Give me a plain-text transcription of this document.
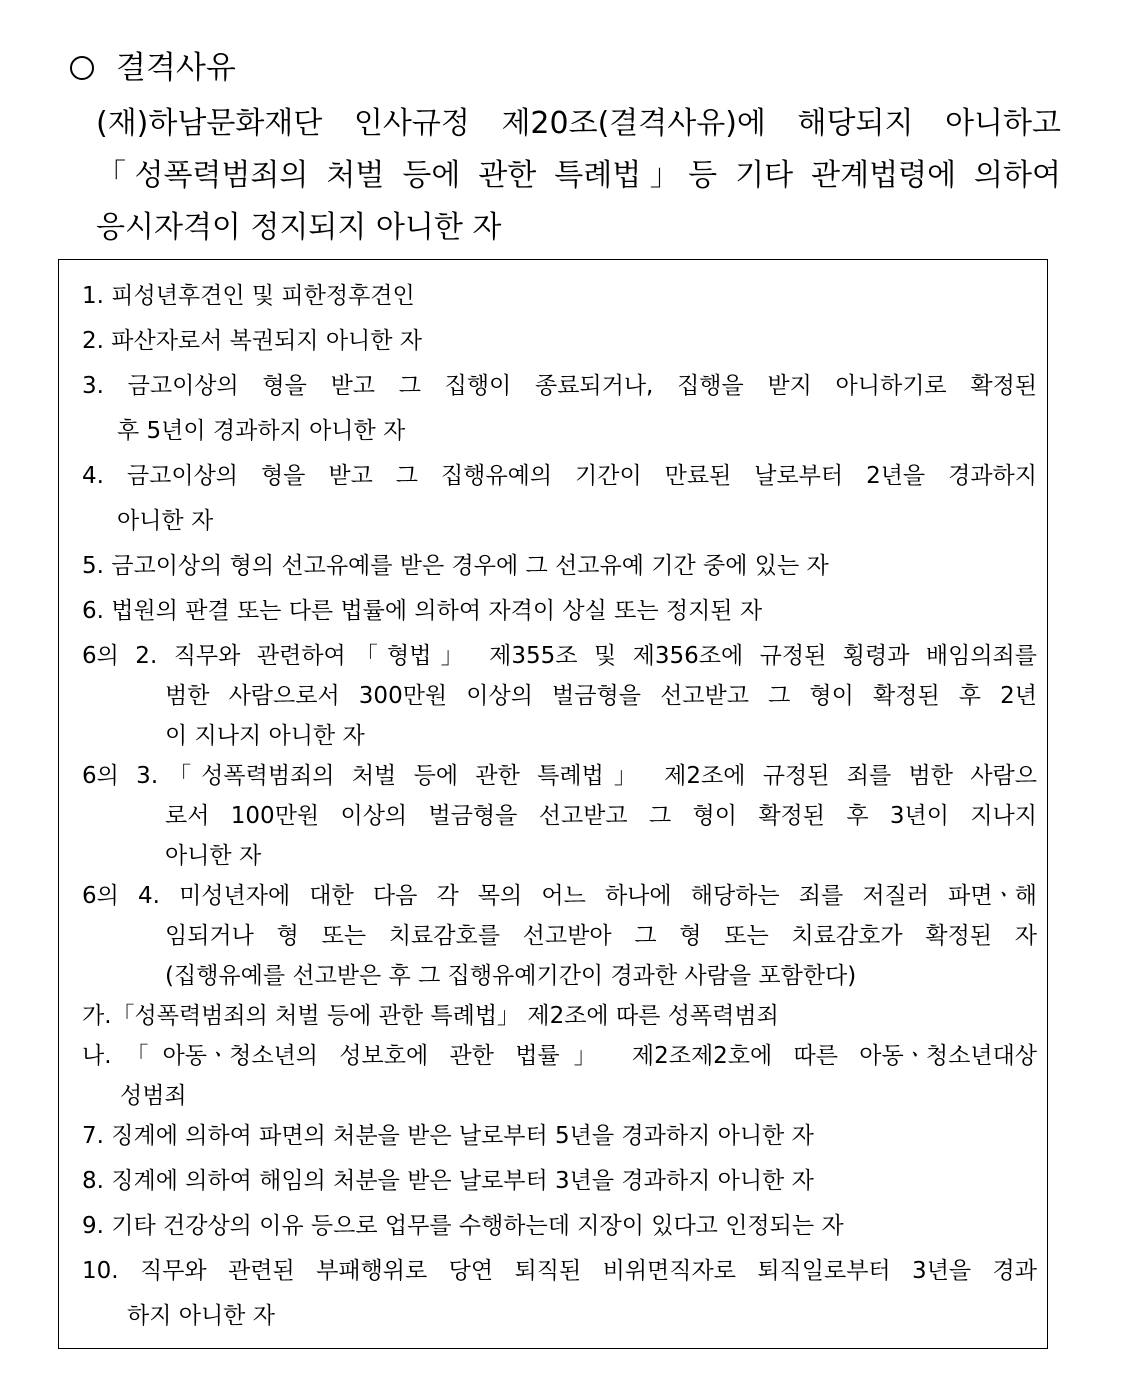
결격사유
(재)하남문화재단 인사규정 제20조(결격사유)에 해당되지 아니하고
「성폭력범죄의 처벌 등에 관한 특례법」등 기타 관계법령에 의하여
응시자격이 정지되지 아니한 자
1. 피성년후견인 및 피한정후견인
2. 파산자로서 복권되지 아니한 자
3. 금고이상의 형을 받고 그 집행이 종료되거나, 집행을 받지 아니하기로 확정된
후 5년이 경과하지 아니한 자
4. 금고이상의 형을 받고 그 집행유예의 기간이 만료된 날로부터 2년을 경과하지
아니한 자
5. 금고이상의 형의 선고유예를 받은 경우에 그 선고유예 기간 중에 있는 자
6. 법원의 판결 또는 다른 법률에 의하여 자격이 상실 또는 정지된 자
6의 2. 직무와 관련하여「형법」 제355조 및 제356조에 규정된 횡령과 배임의죄를
범한 사람으로서 300만원 이상의 벌금형을 선고받고 그 형이 확정된 후 2년
이 지나지 아니한 자
6의 3.「성폭력범죄의 처벌 등에 관한 특례법」 제2조에 규정된 죄를 범한 사람으
로서 100만원 이상의 벌금형을 선고받고 그 형이 확정된 후 3년이 지나지
아니한 자
6의 4. 미성년자에 대한 다음 각 목의 어느 하나에 해당하는 죄를 저질러 파면ㆍ해
임되거나 형 또는 치료감호를 선고받아 그 형 또는 치료감호가 확정된 자
(집행유예를 선고받은 후 그 집행유예기간이 경과한 사람을 포함한다)
가.「성폭력범죄의 처벌 등에 관한 특례법」 제2조에 따른 성폭력범죄
나.「아동ㆍ청소년의 성보호에 관한 법률」 제2조제2호에 따른 아동ㆍ청소년대상
성범죄
7. 징계에 의하여 파면의 처분을 받은 날로부터 5년을 경과하지 아니한 자
8. 징계에 의하여 해임의 처분을 받은 날로부터 3년을 경과하지 아니한 자
9. 기타 건강상의 이유 등으로 업무를 수행하는데 지장이 있다고 인정되는 자
10. 직무와 관련된 부패행위로 당연 퇴직된 비위면직자로 퇴직일로부터 3년을 경과
하지 아니한 자
